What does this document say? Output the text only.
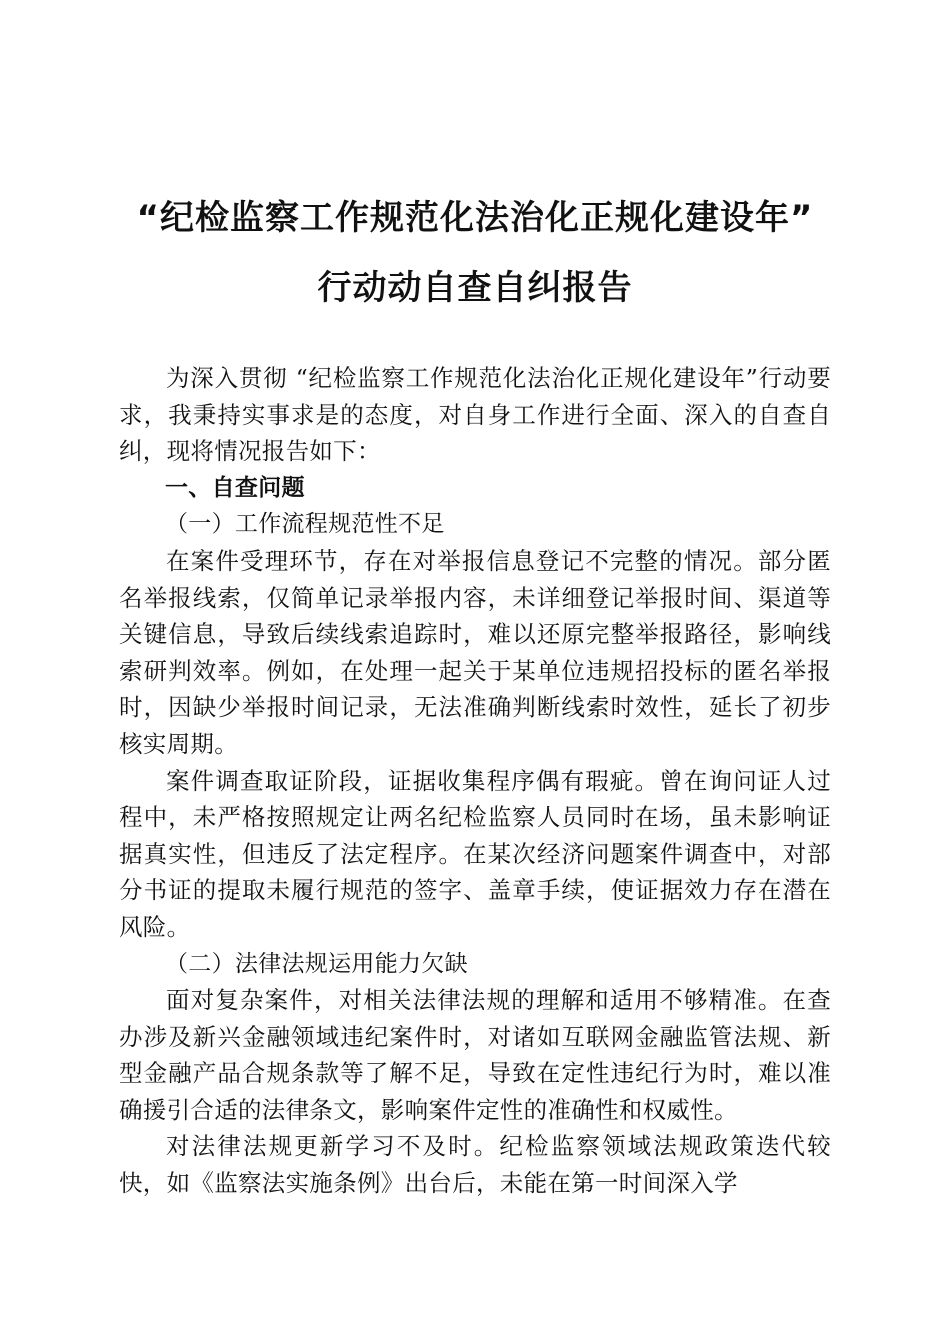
“纪检监察工作规范化法治化正规化建设年”
行动动自查自纠报告

为深入贯彻 “纪检监察工作规范化法治化正规化建设年”行动要求，我秉持实事求是的态度，对自身工作进行全面、深入的自查自纠，现将情况报告如下：

一、自查问题

（一）工作流程规范性不足

在案件受理环节，存在对举报信息登记不完整的情况。部分匿名举报线索，仅简单记录举报内容，未详细登记举报时间、渠道等关键信息，导致后续线索追踪时，难以还原完整举报路径，影响线索研判效率。例如，在处理一起关于某单位违规招投标的匿名举报时，因缺少举报时间记录，无法准确判断线索时效性，延长了初步核实周期。

案件调查取证阶段，证据收集程序偶有瑕疵。曾在询问证人过程中，未严格按照规定让两名纪检监察人员同时在场，虽未影响证据真实性，但违反了法定程序。在某次经济问题案件调查中，对部分书证的提取未履行规范的签字、盖章手续，使证据效力存在潜在风险。

（二）法律法规运用能力欠缺

面对复杂案件，对相关法律法规的理解和适用不够精准。在查办涉及新兴金融领域违纪案件时，对诸如互联网金融监管法规、新型金融产品合规条款等了解不足，导致在定性违纪行为时，难以准确援引合适的法律条文，影响案件定性的准确性和权威性。

对法律法规更新学习不及时。纪检监察领域法规政策迭代较快，如《监察法实施条例》出台后，未能在第一时间深入学
